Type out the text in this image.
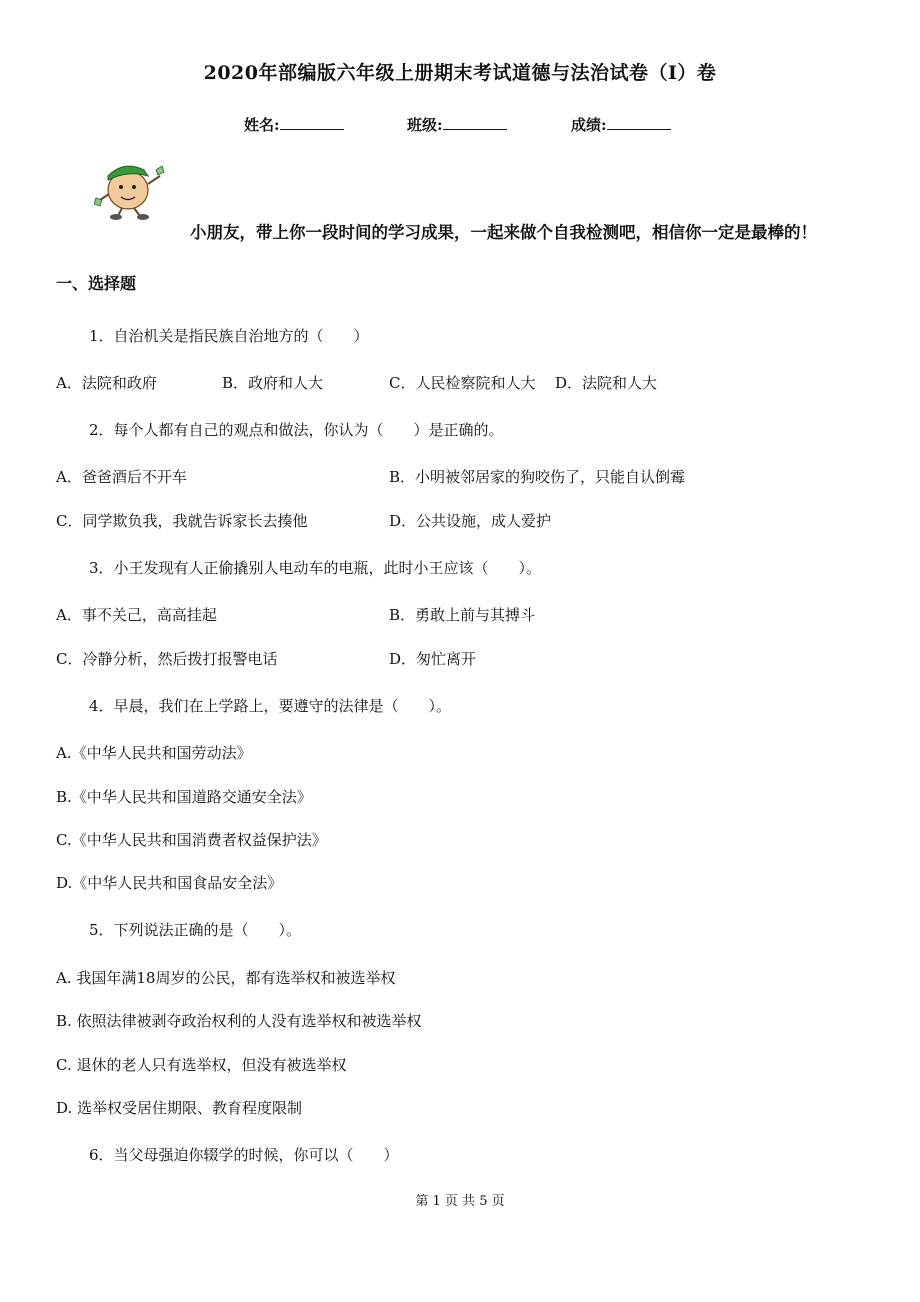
2020年部编版六年级上册期末考试道德与法治试卷（I）卷
姓名:	班级:	成绩:
小朋友，带上你一段时间的学习成果，一起来做个自我检测吧，相信你一定是最棒的！
一、选择题
1．自治机关是指民族自治地方的（　　）
A．法院和政府	B．政府和人大	C．人民检察院和人大 D．法院和人大
2．每个人都有自己的观点和做法，你认为（　　）是正确的。
A．爸爸酒后不开车	B．小明被邻居家的狗咬伤了，只能自认倒霉
C．同学欺负我，我就告诉家长去揍他	D．公共设施，成人爱护
3．小王发现有人正偷撬别人电动车的电瓶，此时小王应该（　　）。
A．事不关己，高高挂起	B．勇敢上前与其搏斗
C．冷静分析，然后拨打报警电话	D．匆忙离开
4．早晨，我们在上学路上，要遵守的法律是（　　）。
A.《中华人民共和国劳动法》
B.《中华人民共和国道路交通安全法》
C.《中华人民共和国消费者权益保护法》
D.《中华人民共和国食品安全法》
5．下列说法正确的是（　　）。
A. 我国年满18周岁的公民，都有选举权和被选举权
B. 依照法律被剥夺政治权利的人没有选举权和被选举权
C. 退休的老人只有选举权，但没有被选举权
D. 选举权受居住期限、教育程度限制
6．当父母强迫你辍学的时候，你可以（　　）
第 1 页 共 5 页
